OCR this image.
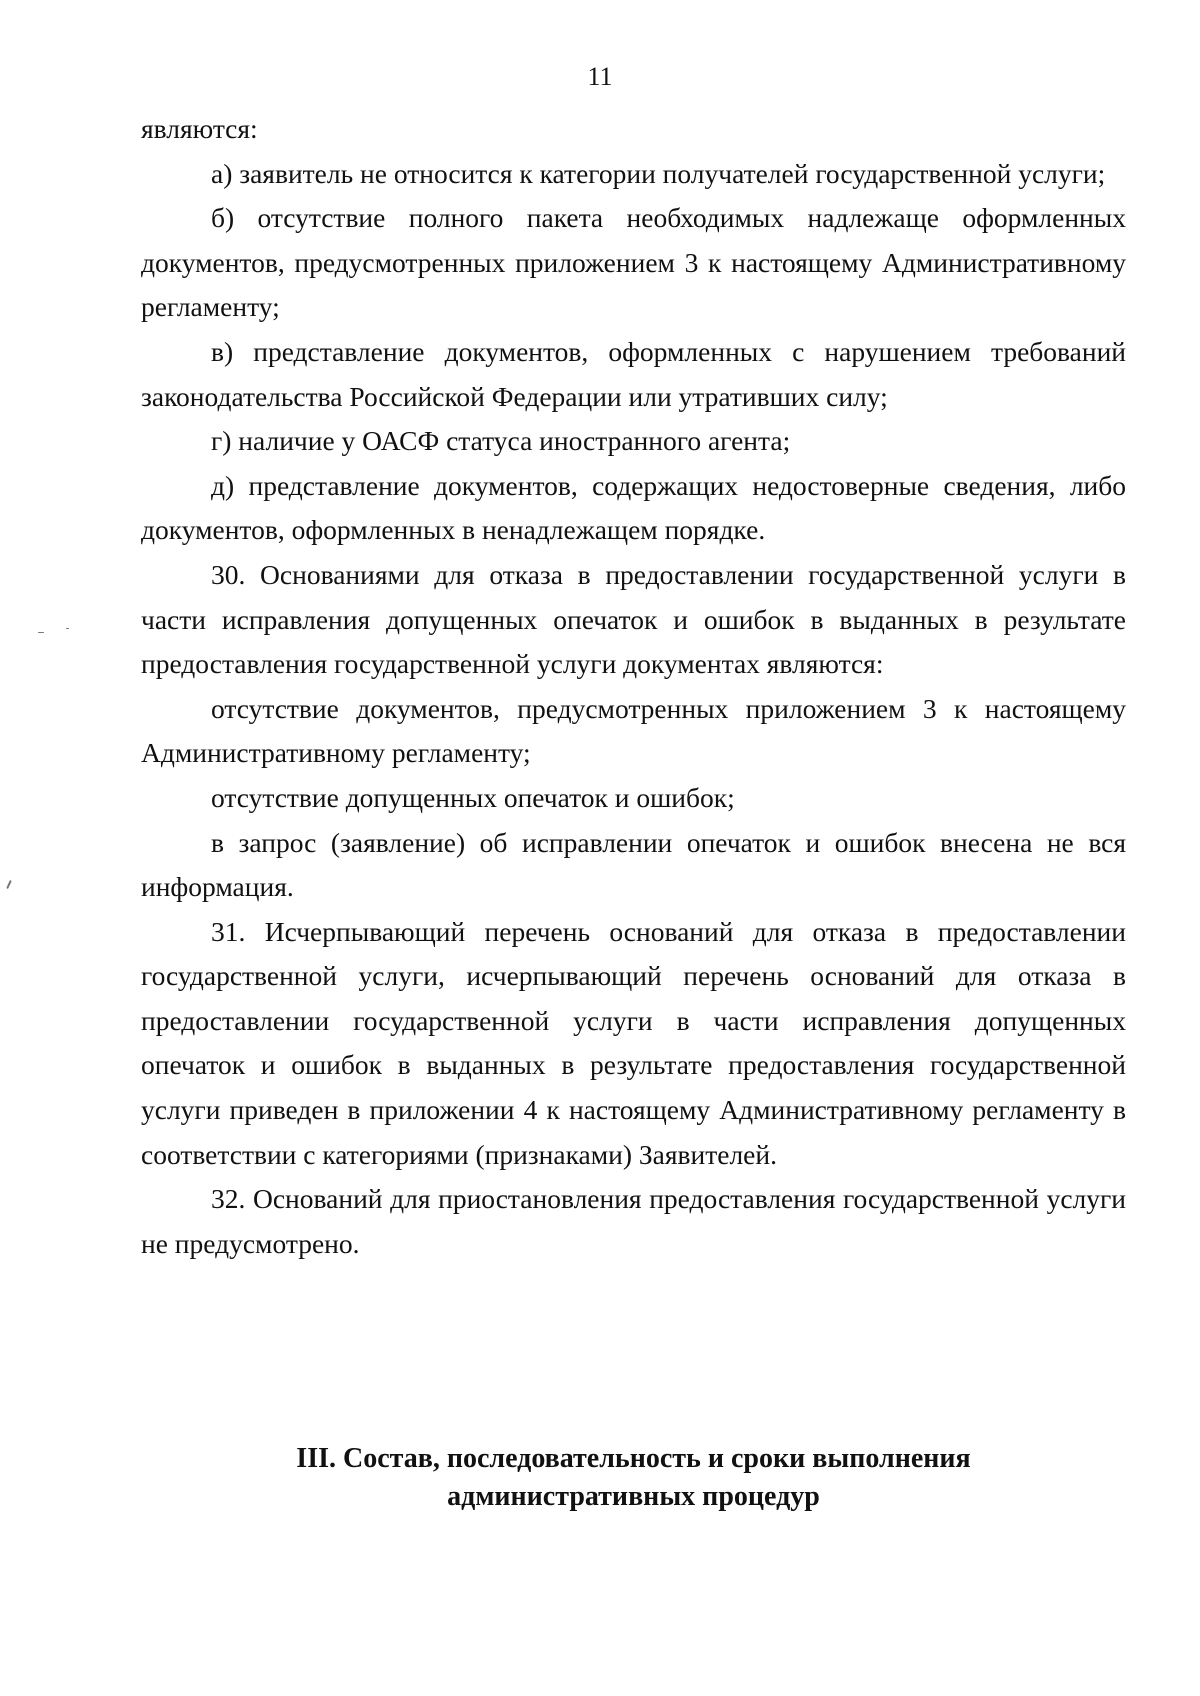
11

являются:

а) заявитель не относится к категории получателей государственной услуги;

б) отсутствие полного пакета необходимых надлежаще оформленных документов, предусмотренных приложением 3 к настоящему Административному регламенту;

в) представление документов, оформленных с нарушением требований законодательства Российской Федерации или утративших силу;

г) наличие у ОАСФ статуса иностранного агента;

д) представление документов, содержащих недостоверные сведения, либо документов, оформленных в ненадлежащем порядке.

30. Основаниями для отказа в предоставлении государственной услуги в части исправления допущенных опечаток и ошибок в выданных в результате предоставления государственной услуги документах являются:

отсутствие документов, предусмотренных приложением 3 к настоящему Административному регламенту;

отсутствие допущенных опечаток и ошибок;

в запрос (заявление) об исправлении опечаток и ошибок внесена не вся информация.

31. Исчерпывающий перечень оснований для отказа в предоставлении государственной услуги, исчерпывающий перечень оснований для отказа в предоставлении государственной услуги в части исправления допущенных опечаток и ошибок в выданных в результате предоставления государственной услуги приведен в приложении 4 к настоящему Административному регламенту в соответствии с категориями (признаками) Заявителей.

32. Оснований для приостановления предоставления государственной услуги не предусмотрено.

III. Состав, последовательность и сроки выполнения
административных процедур
